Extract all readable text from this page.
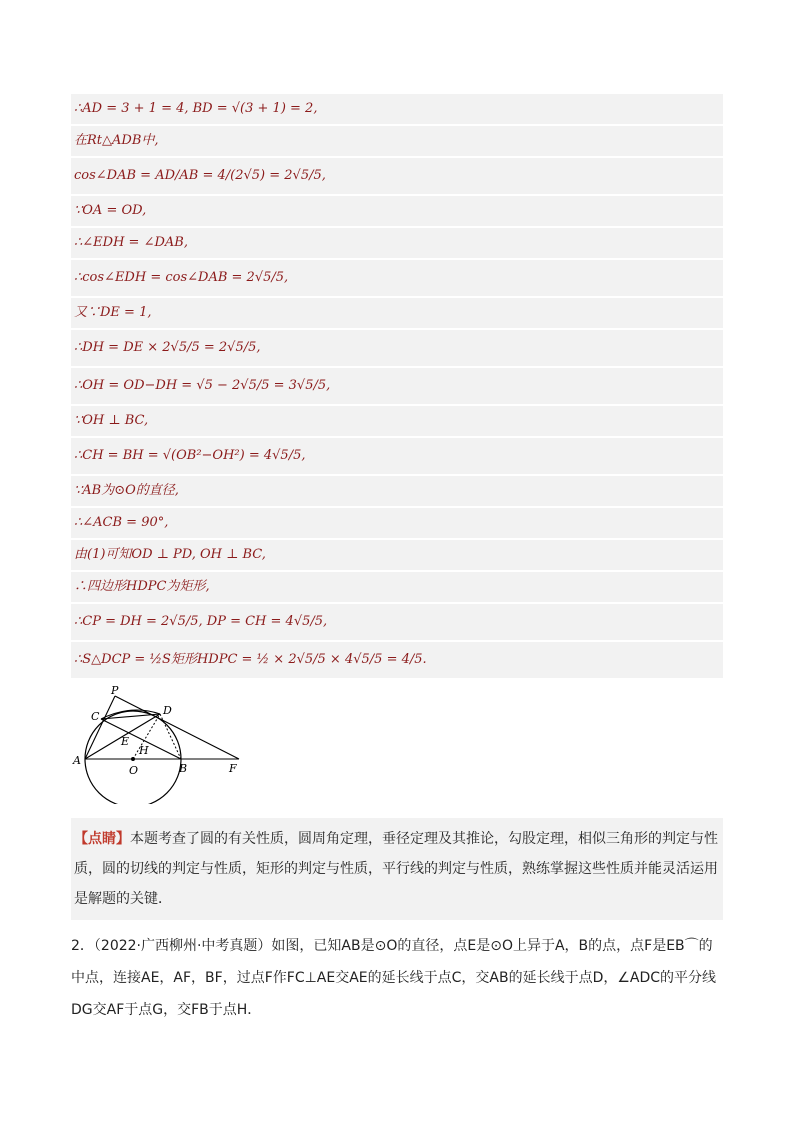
∴AD = 3 + 1 = 4, BD = √(3 + 1) = 2,
在Rt△ADB中,
cos∠DAB = AD/AB = 4/(2√5) = 2√5/5,
∵OA = OD,
∴∠EDH = ∠DAB,
∴cos∠EDH = cos∠DAB = 2√5/5,
又∵DE = 1,
∴DH = DE × 2√5/5 = 2√5/5,
∴OH = OD−DH = √5 − 2√5/5 = 3√5/5,
∵OH ⊥ BC,
∴CH = BH = √(OB²−OH²) = 4√5/5,
∵AB为⊙O的直径,
∴∠ACB = 90°,
由(1)可知OD ⊥ PD, OH ⊥ BC,
∴四边形HDPC为矩形,
∴CP = DH = 2√5/5, DP = CH = 4√5/5,
∴S△DCP = ½S矩形HDPC = ½ × 2√5/5 × 4√5/5 = 4/5.
P
C	D
E
H
A
O	B	F
【点睛】本题考查了圆的有关性质，圆周角定理，垂径定理及其推论，勾股定理，相似三角形的判定与性质，圆的切线的判定与性质，矩形的判定与性质，平行线的判定与性质，熟练掌握这些性质并能灵活运用是解题的关键．
2．（2022·广西柳州·中考真题）如图，已知AB是⊙O的直径，点E是⊙O上异于A，B的点，点F是EB⌒的中点，连接AE，AF，BF，过点F作FC⊥AE交AE的延长线于点C，交AB的延长线于点D，∠ADC的平分线DG交AF于点G，交FB于点H．
